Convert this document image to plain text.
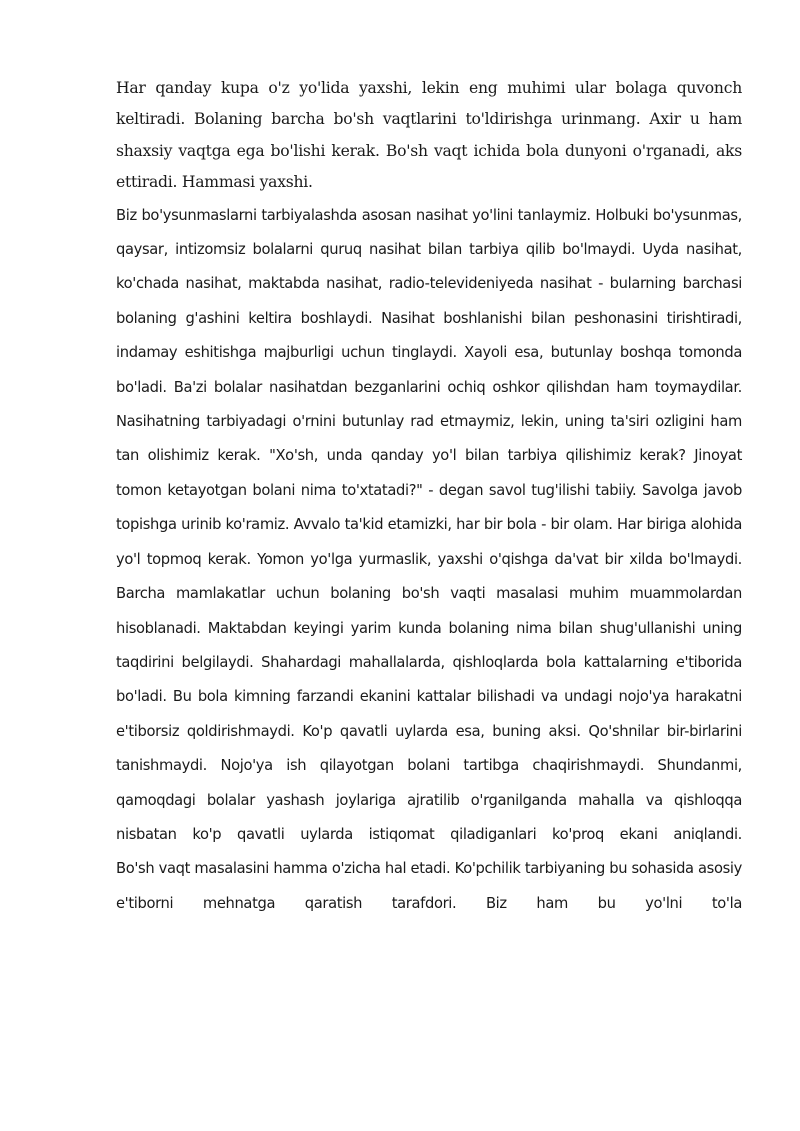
Har qanday kupa o'z yo'lida yaxshi, lekin eng muhimi ular bolaga quvonch keltiradi. Bolaning barcha bo'sh vaqtlarini to'ldirishga urinmang. Axir u ham shaxsiy vaqtga ega bo'lishi kerak. Bo'sh vaqt ichida bola dunyoni o'rganadi, aks ettiradi. Hammasi yaxshi.

Biz bo'ysunmaslarni tarbiyalashda asosan nasihat yo'lini tanlaymiz. Holbuki bo'ysunmas, qaysar, intizomsiz bolalarni quruq nasihat bilan tarbiya qilib bo'lmaydi. Uyda nasihat, ko'chada nasihat, maktabda nasihat, radio-televideniyeda nasihat - bularning barchasi bolaning g'ashini keltira boshlaydi. Nasihat boshlanishi bilan peshonasini tirishtiradi, indamay eshitishga majburligi uchun tinglaydi. Xayoli esa, butunlay boshqa tomonda bo'ladi. Ba'zi bolalar nasihatdan bezganlarini ochiq oshkor qilishdan ham toymaydilar. Nasihatning tarbiyadagi o'rnini butunlay rad etmaymiz, lekin, uning ta'siri ozligini ham tan olishimiz kerak. "Xo'sh, unda qanday yo'l bilan tarbiya qilishimiz kerak? Jinoyat tomon ketayotgan bolani nima to'xtatadi?" - degan savol tug'ilishi tabiiy. Savolga javob topishga urinib ko'ramiz. Avvalo ta'kid etamizki, har bir bola - bir olam. Har biriga alohida yo'l topmoq kerak. Yomon yo'lga yurmaslik, yaxshi o'qishga da'vat bir xilda bo'lmaydi.

Barcha mamlakatlar uchun bolaning bo'sh vaqti masalasi muhim muammolardan hisoblanadi. Maktabdan keyingi yarim kunda bolaning nima bilan shug'ullanishi uning taqdirini belgilaydi. Shahardagi mahallalarda, qishloqlarda bola kattalarning e'tiborida bo'ladi. Bu bola kimning farzandi ekanini kattalar bilishadi va undagi nojo'ya harakatni e'tiborsiz qoldirishmaydi. Ko'p qavatli uylarda esa, buning aksi. Qo'shnilar bir-birlarini tanishmaydi. Nojo'ya ish qilayotgan bolani tartibga chaqirishmaydi. Shundanmi, qamoqdagi bolalar yashash joylariga ajratilib o'rganilganda mahalla va qishloqqa nisbatan ko'p qavatli uylarda istiqomat qiladiganlari ko'proq ekani aniqlandi.

Bo'sh vaqt masalasini hamma o'zicha hal etadi. Ko'pchilik tarbiyaning bu sohasida asosiy e'tiborni mehnatga qaratish tarafdori. Biz ham bu yo'lni to'la
